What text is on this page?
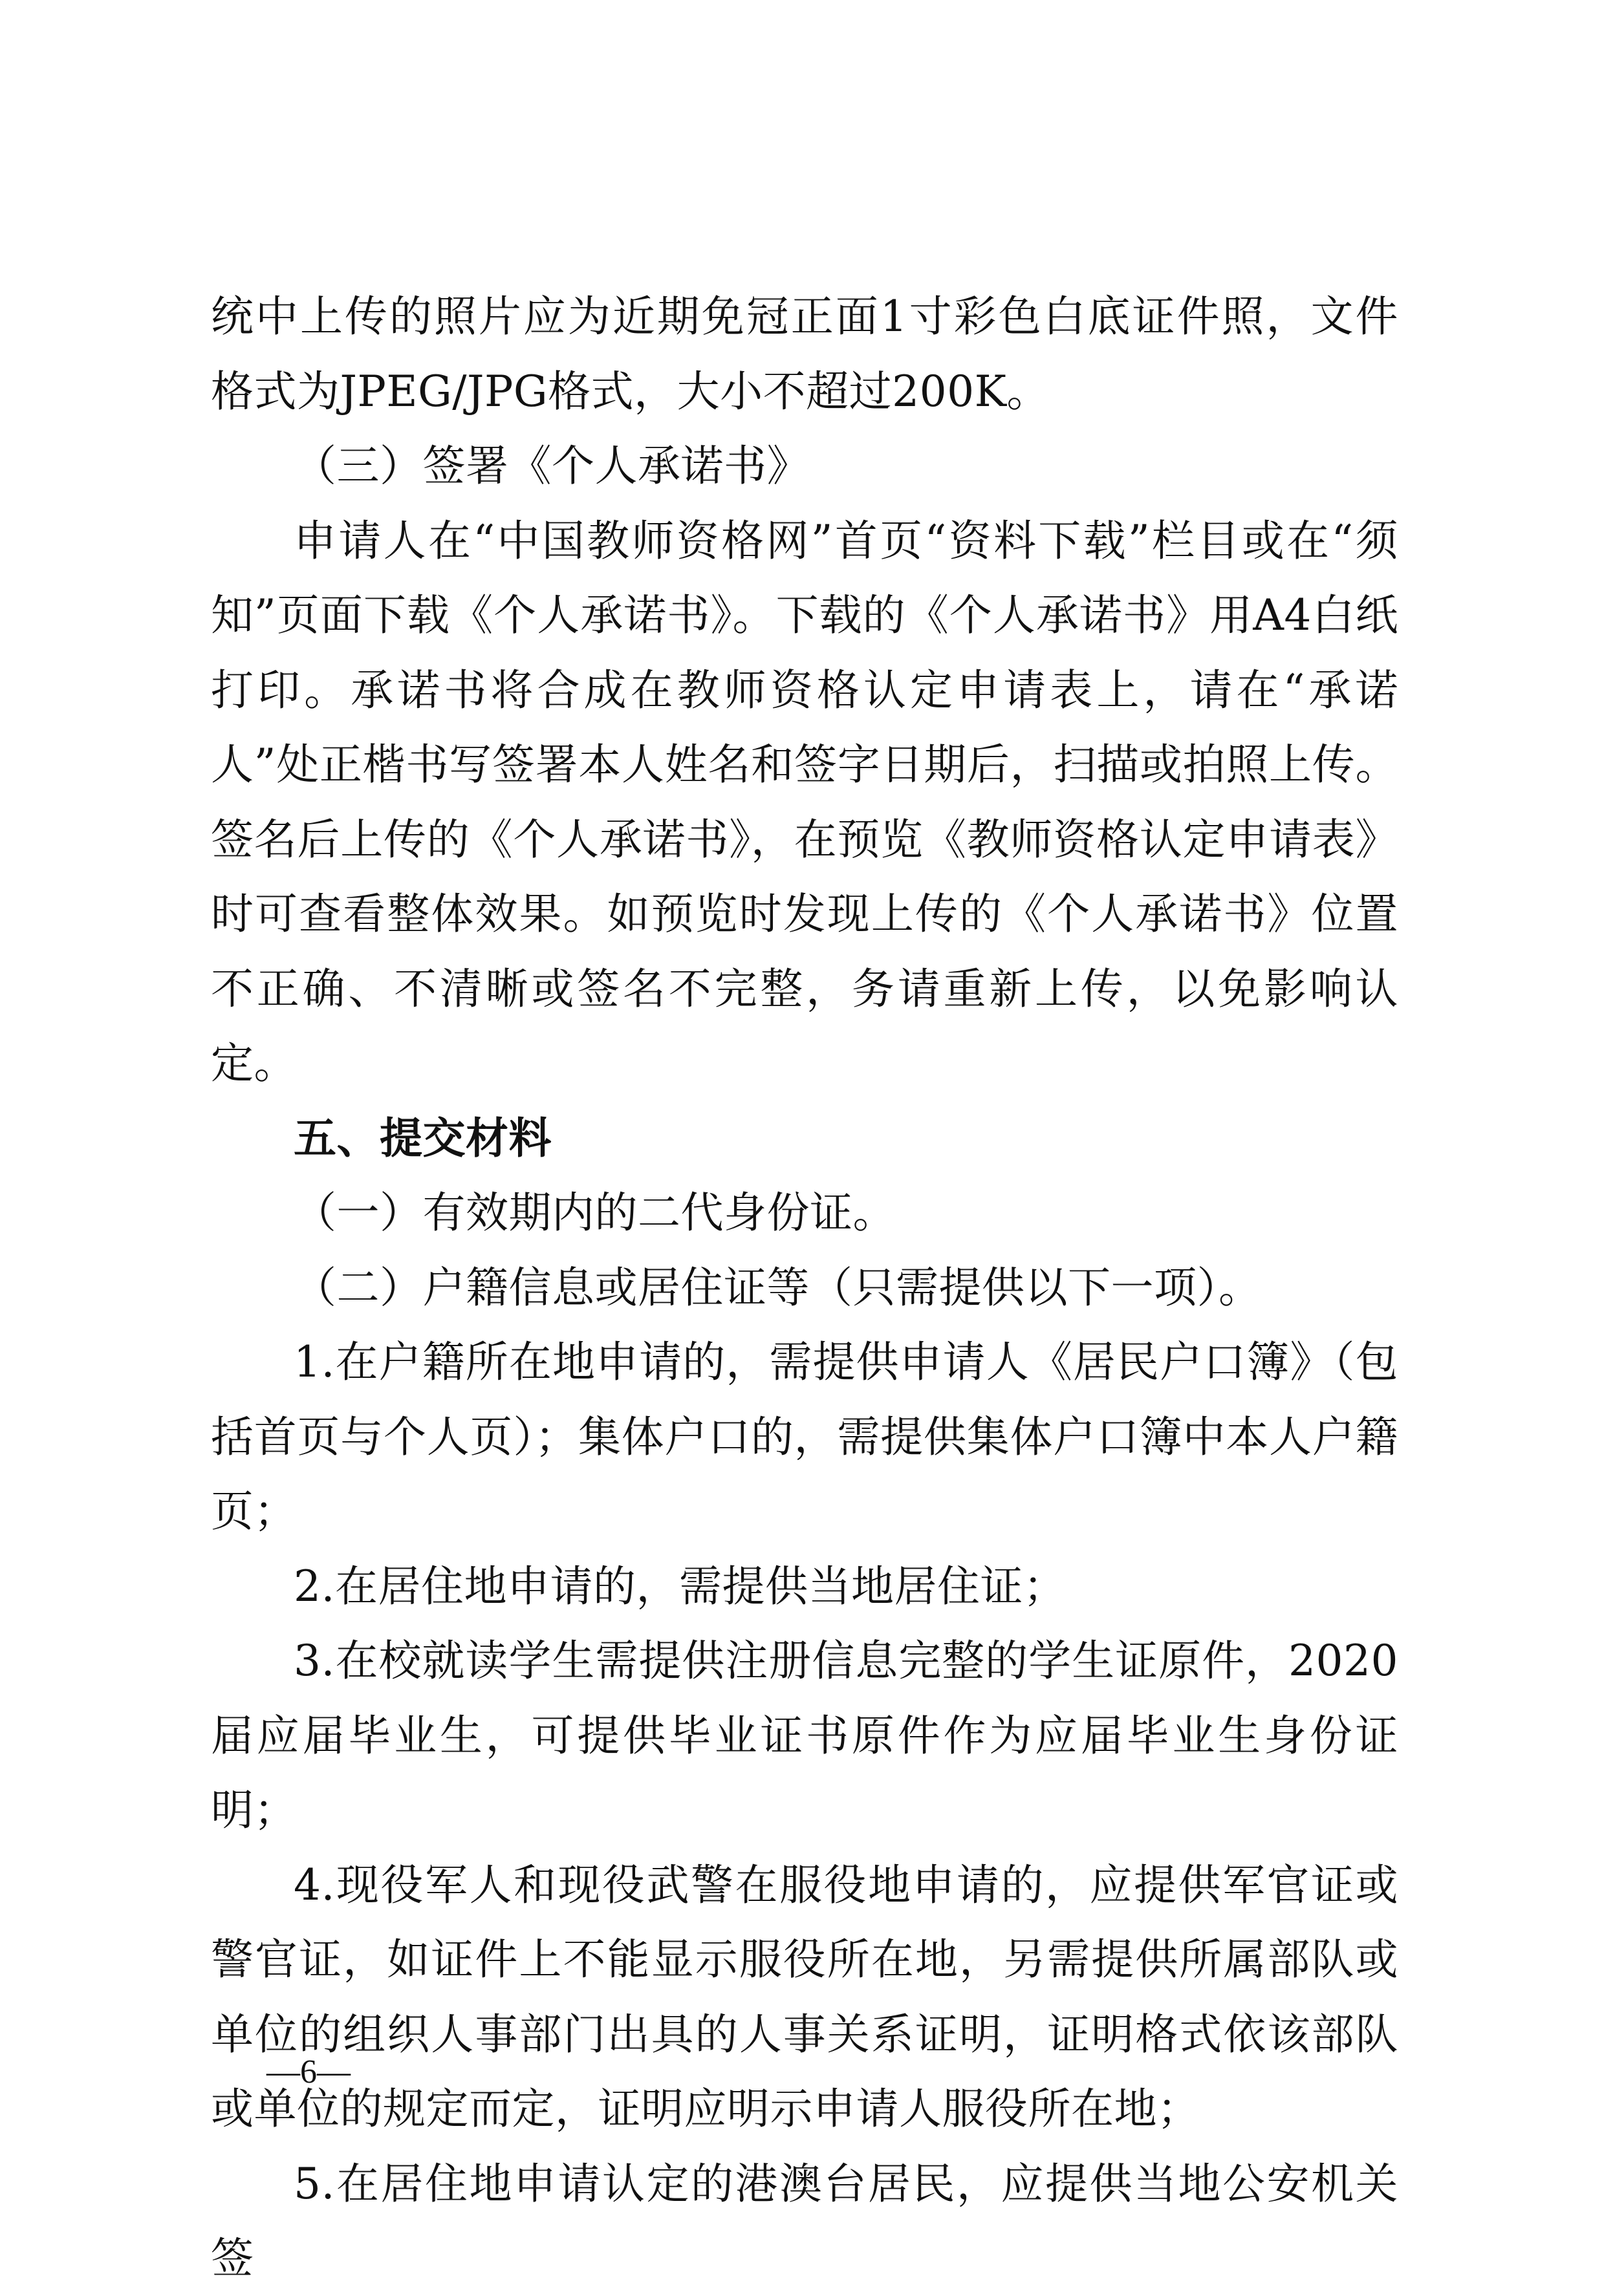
统中上传的照片应为近期免冠正面1寸彩色白底证件照，文件格式为JPEG/JPG格式，大小不超过200K。

（三）签署《个人承诺书》

申请人在“中国教师资格网”首页“资料下载”栏目或在“须知”页面下载《个人承诺书》。下载的《个人承诺书》用A4白纸打印。承诺书将合成在教师资格认定申请表上，请在“承诺人”处正楷书写签署本人姓名和签字日期后，扫描或拍照上传。签名后上传的《个人承诺书》，在预览《教师资格认定申请表》时可查看整体效果。如预览时发现上传的《个人承诺书》位置不正确、不清晰或签名不完整，务请重新上传，以免影响认定。

五、提交材料

（一）有效期内的二代身份证。

（二）户籍信息或居住证等（只需提供以下一项）。

1.在户籍所在地申请的，需提供申请人《居民户口簿》（包括首页与个人页）；集体户口的，需提供集体户口簿中本人户籍页；

2.在居住地申请的，需提供当地居住证；

3.在校就读学生需提供注册信息完整的学生证原件，2020届应届毕业生，可提供毕业证书原件作为应届毕业生身份证明；

4.现役军人和现役武警在服役地申请的，应提供军官证或警官证，如证件上不能显示服役所在地，另需提供所属部队或单位的组织人事部门出具的人事关系证明，证明格式依该部队或单位的规定而定，证明应明示申请人服役所在地；

5.在居住地申请认定的港澳台居民，应提供当地公安机关签

—6—
